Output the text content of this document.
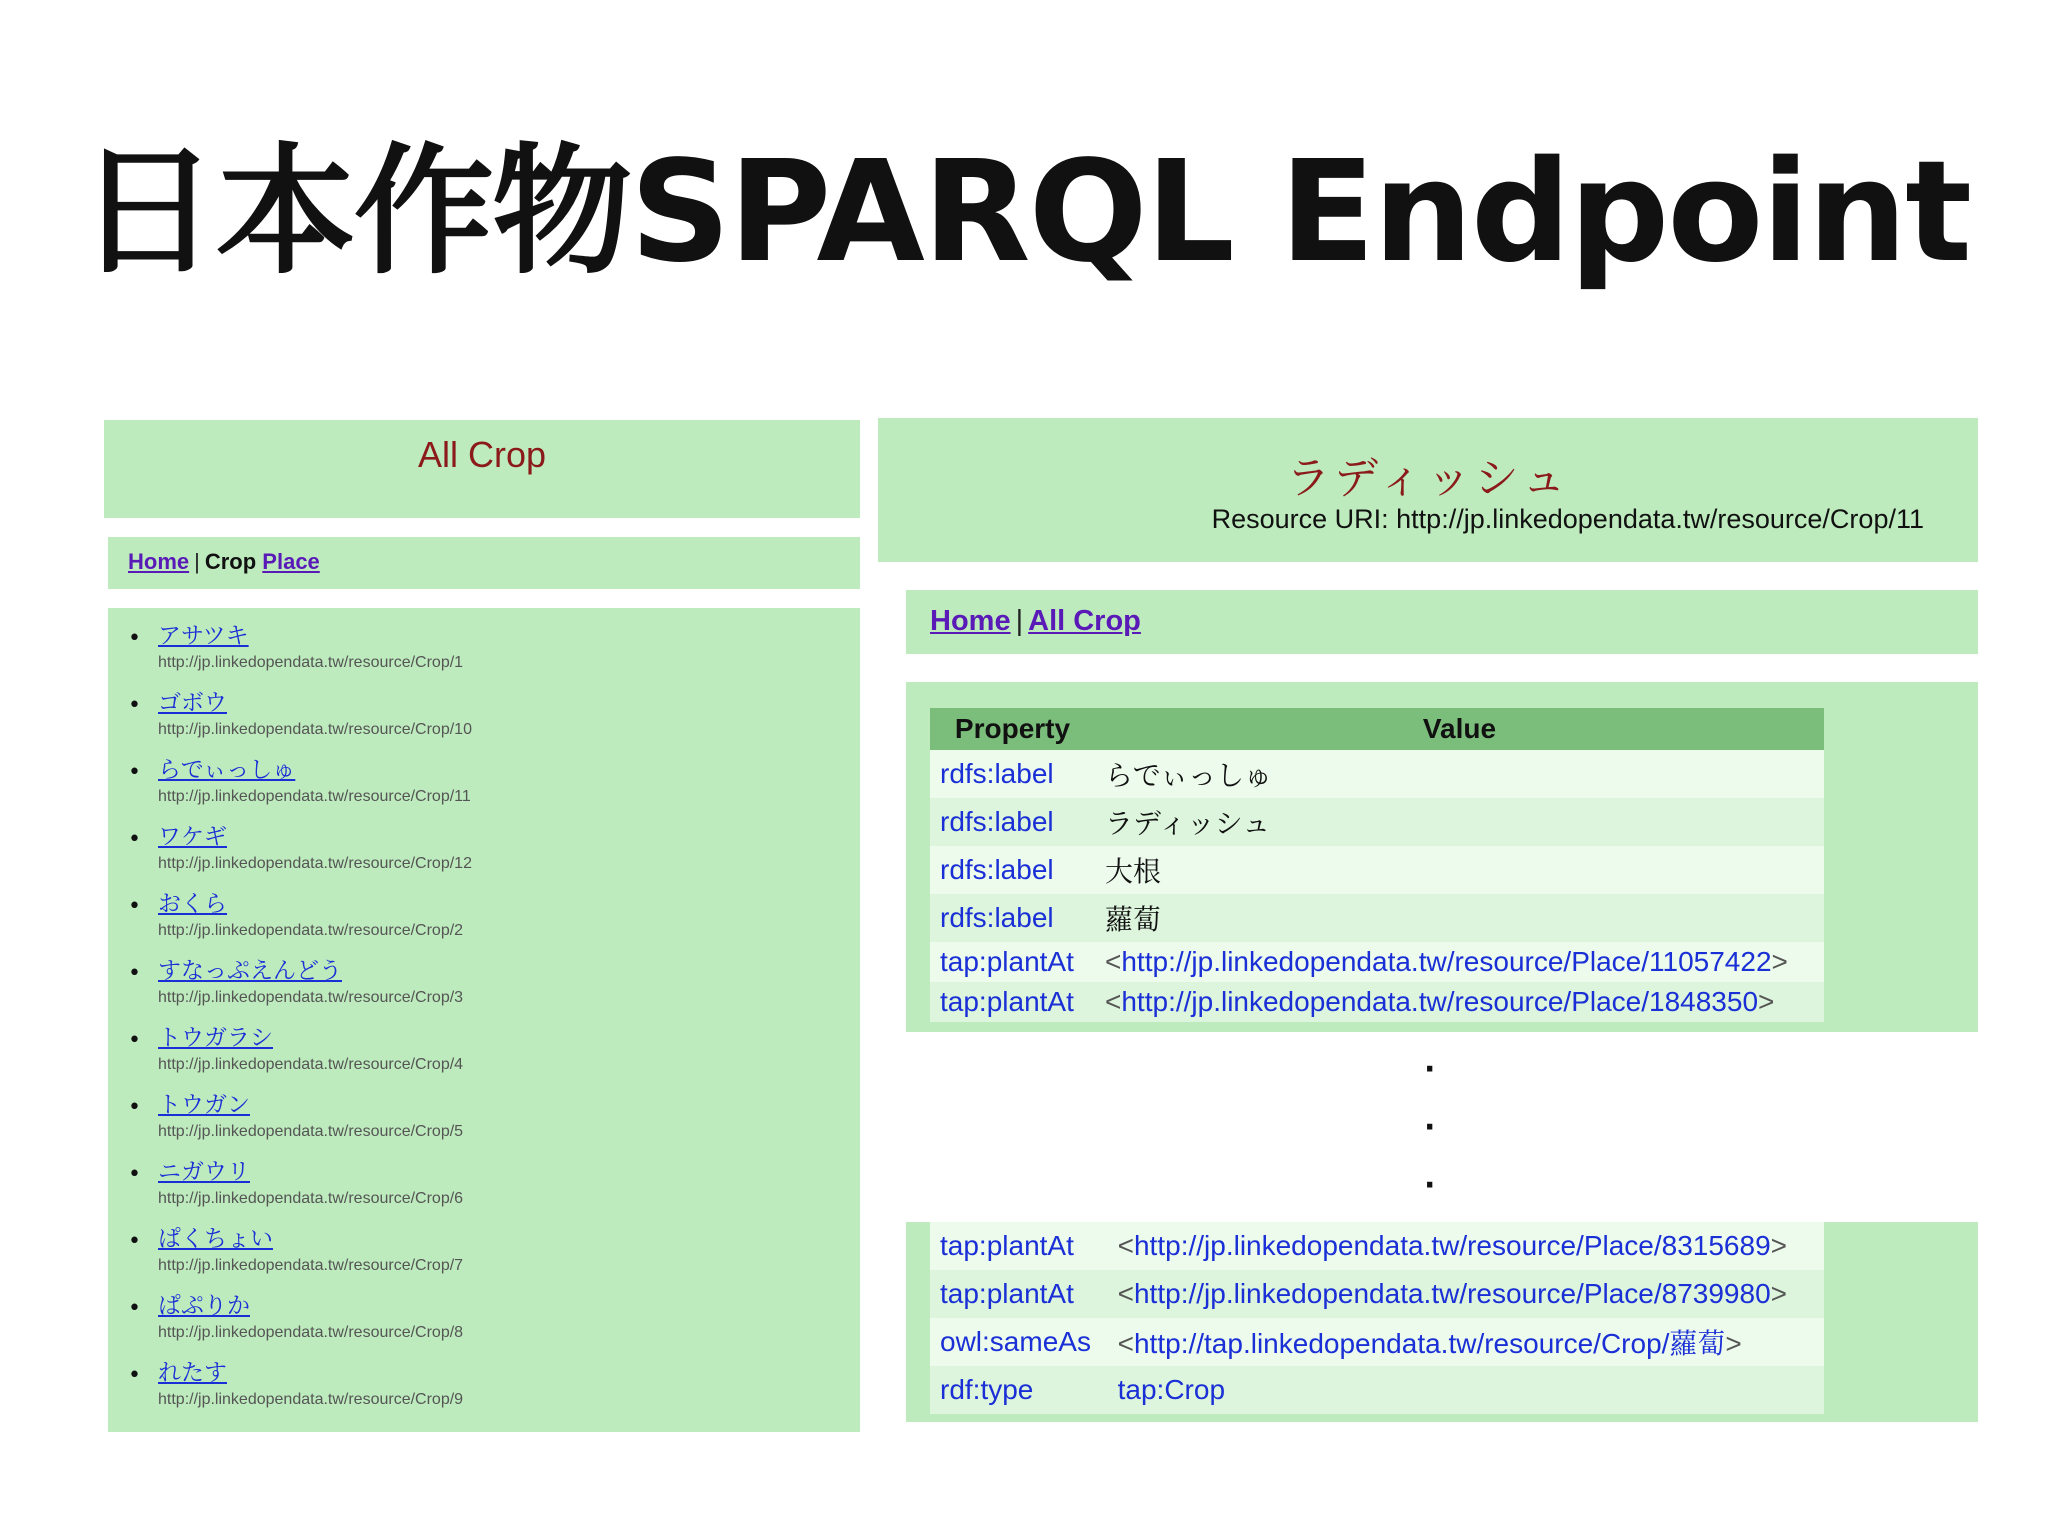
日本作物SPARQL Endpoint
All Crop
Home | Crop Place
• アサツキ
http://jp.linkedopendata.tw/resource/Crop/1
• ゴボウ
http://jp.linkedopendata.tw/resource/Crop/10
• らでぃっしゅ
http://jp.linkedopendata.tw/resource/Crop/11
• ワケギ
http://jp.linkedopendata.tw/resource/Crop/12
• おくら
http://jp.linkedopendata.tw/resource/Crop/2
• すなっぷえんどう
http://jp.linkedopendata.tw/resource/Crop/3
• トウガラシ
http://jp.linkedopendata.tw/resource/Crop/4
• トウガン
http://jp.linkedopendata.tw/resource/Crop/5
• ニガウリ
http://jp.linkedopendata.tw/resource/Crop/6
• ぱくちょい
http://jp.linkedopendata.tw/resource/Crop/7
• ぱぷりか
http://jp.linkedopendata.tw/resource/Crop/8
• れたす
http://jp.linkedopendata.tw/resource/Crop/9
ラディッシュ
Resource URI: http://jp.linkedopendata.tw/resource/Crop/11
Home | All Crop
Property	Value
rdfs:label	らでぃっしゅ
rdfs:label	ラディッシュ
rdfs:label	大根
rdfs:label	蘿蔔
tap:plantAt	<http://jp.linkedopendata.tw/resource/Place/11057422>
tap:plantAt	<http://jp.linkedopendata.tw/resource/Place/1848350>
·
·
·
tap:plantAt	<http://jp.linkedopendata.tw/resource/Place/8315689>
tap:plantAt	<http://jp.linkedopendata.tw/resource/Place/8739980>
owl:sameAs	<http://tap.linkedopendata.tw/resource/Crop/蘿蔔>
rdf:type	tap:Crop
